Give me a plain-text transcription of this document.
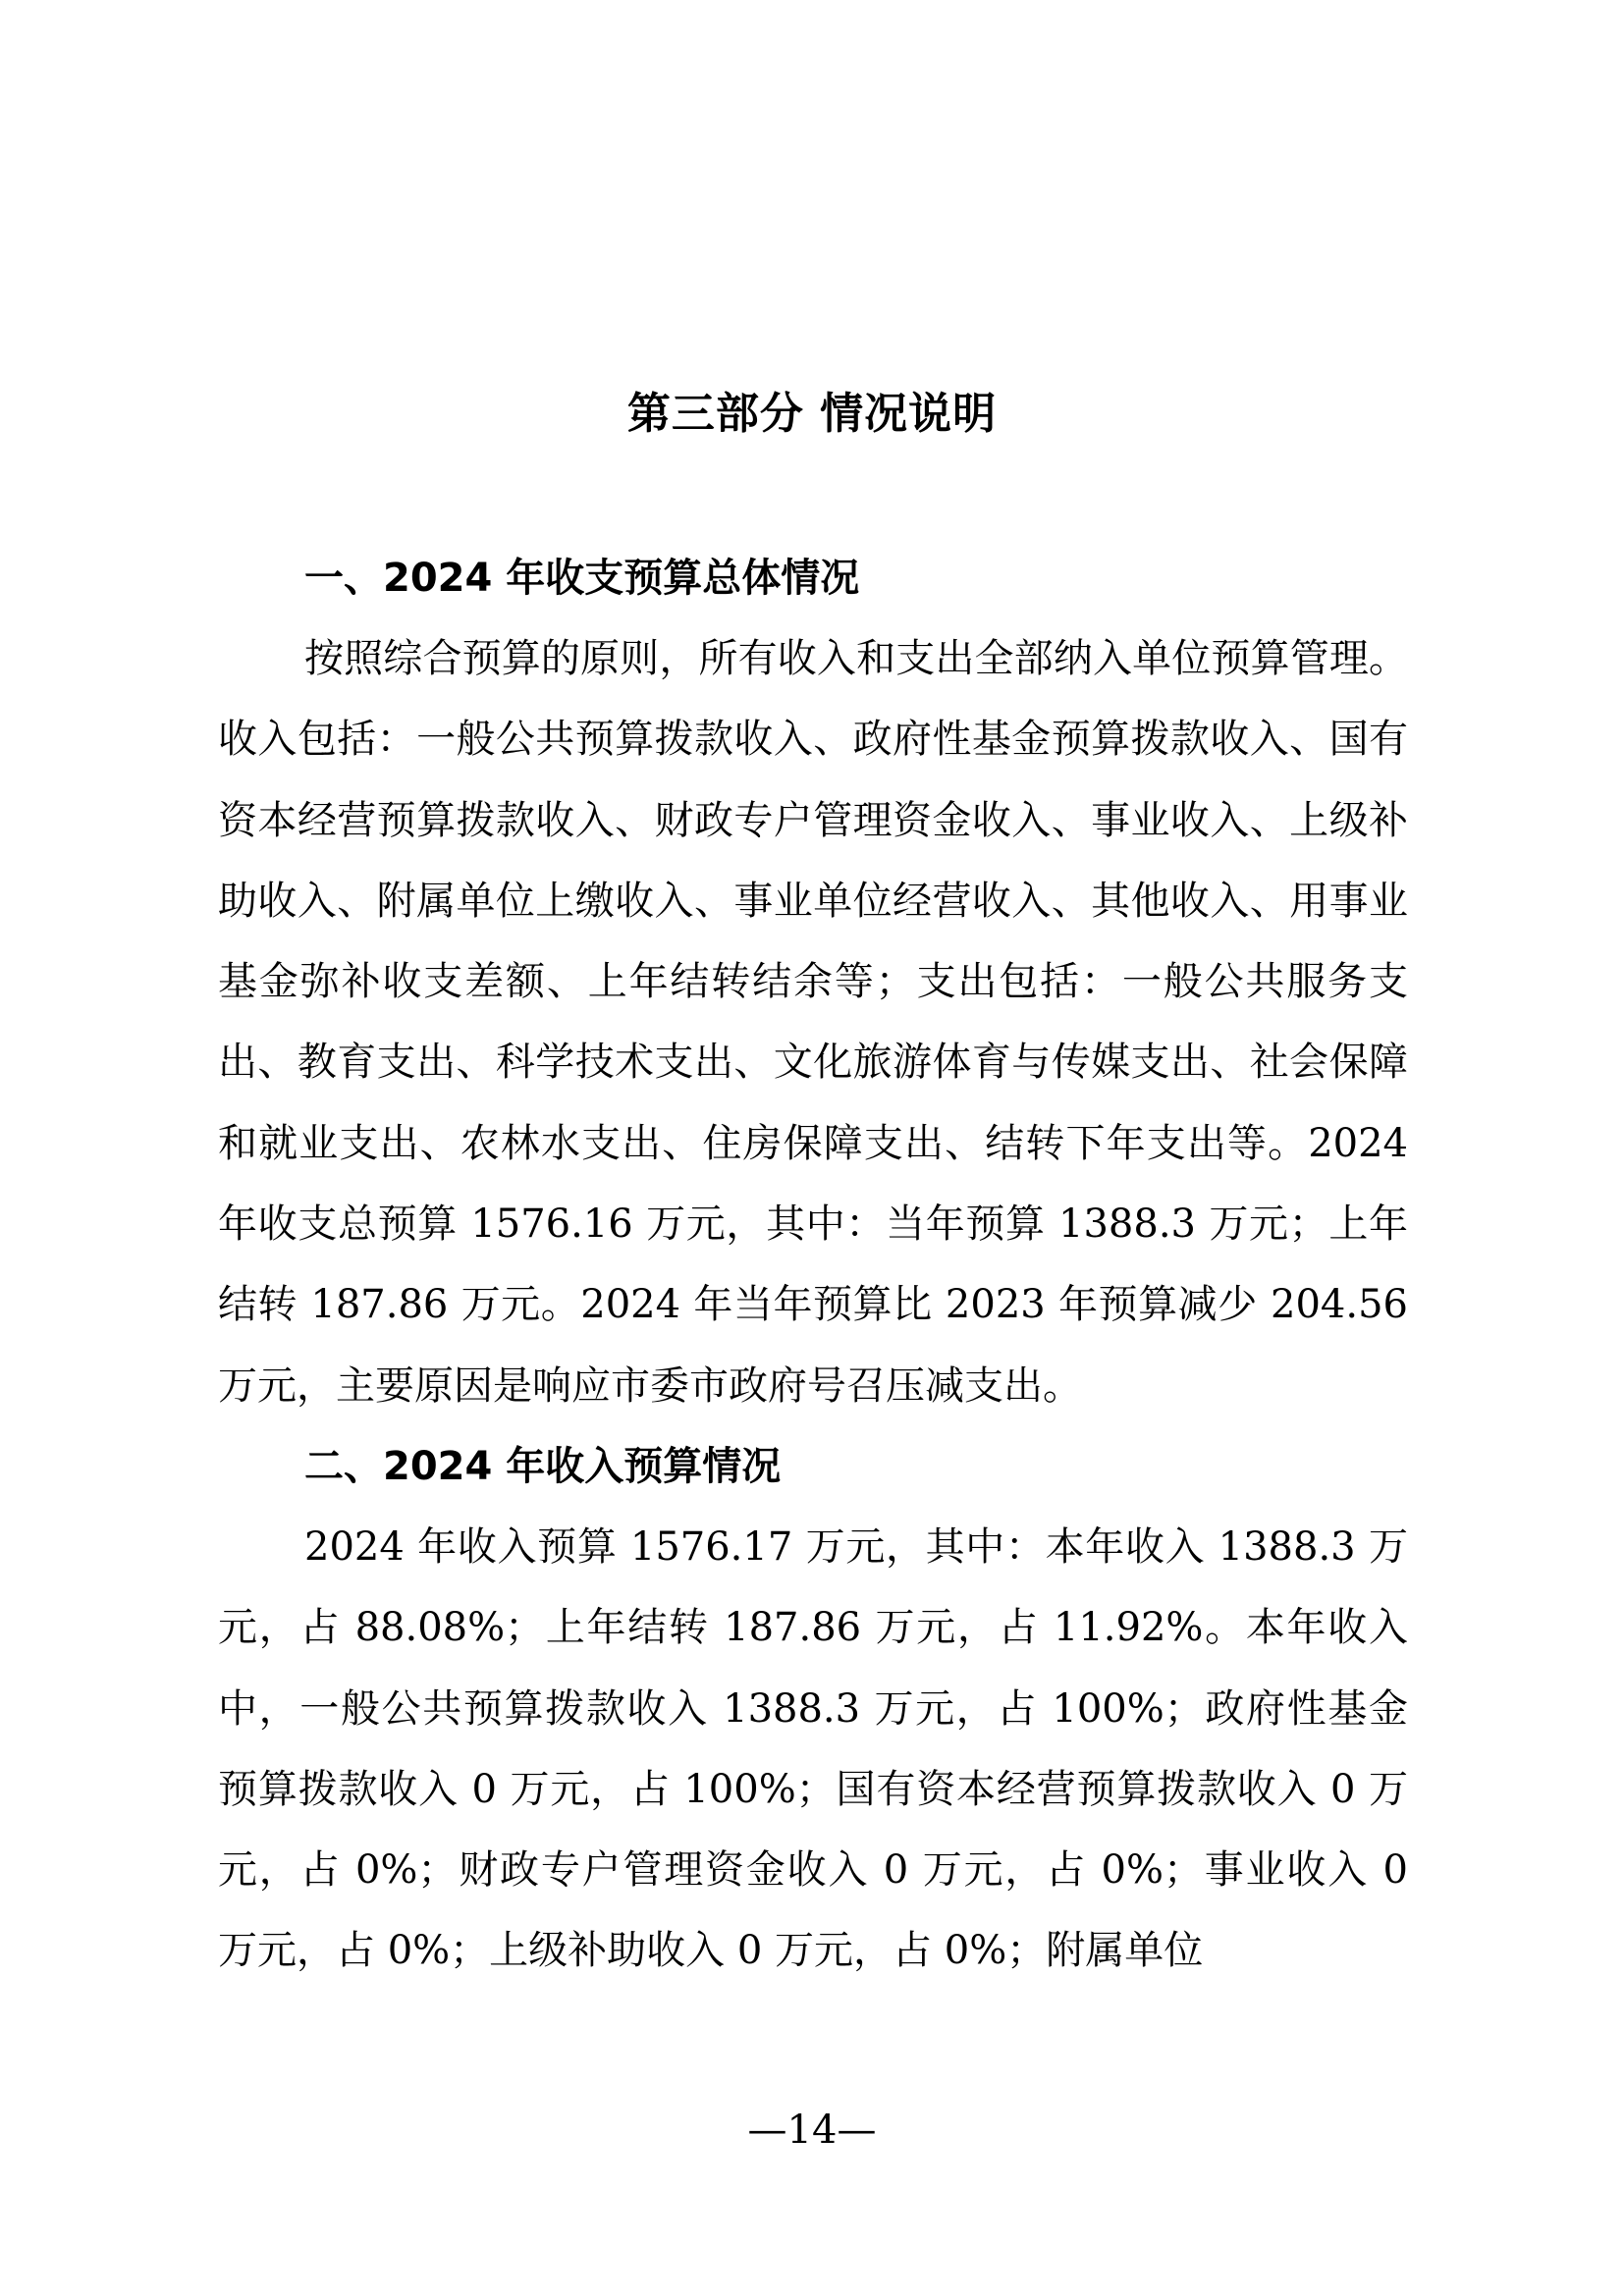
第三部分 情况说明
一、2024 年收支预算总体情况

按照综合预算的原则，所有收入和支出全部纳入单位预算管理。收入包括：一般公共预算拨款收入、政府性基金预算拨款收入、国有资本经营预算拨款收入、财政专户管理资金收入、事业收入、上级补助收入、附属单位上缴收入、事业单位经营收入、其他收入、用事业基金弥补收支差额、上年结转结余等；支出包括：一般公共服务支出、教育支出、科学技术支出、文化旅游体育与传媒支出、社会保障和就业支出、农林水支出、住房保障支出、结转下年支出等。2024 年收支总预算 1576.16 万元，其中：当年预算 1388.3 万元；上年结转 187.86 万元。2024 年当年预算比 2023 年预算减少 204.56 万元，主要原因是响应市委市政府号召压减支出。

二、2024 年收入预算情况

2024 年收入预算 1576.17 万元，其中：本年收入 1388.3 万元，占 88.08%；上年结转 187.86 万元，占 11.92%。本年收入中，一般公共预算拨款收入 1388.3 万元，占 100%；政府性基金预算拨款收入 0 万元，占 100%；国有资本经营预算拨款收入 0 万元，占 0%；财政专户管理资金收入 0 万元，占 0%；事业收入 0 万元，占 0%；上级补助收入 0 万元，占 0%；附属单位

—14—
